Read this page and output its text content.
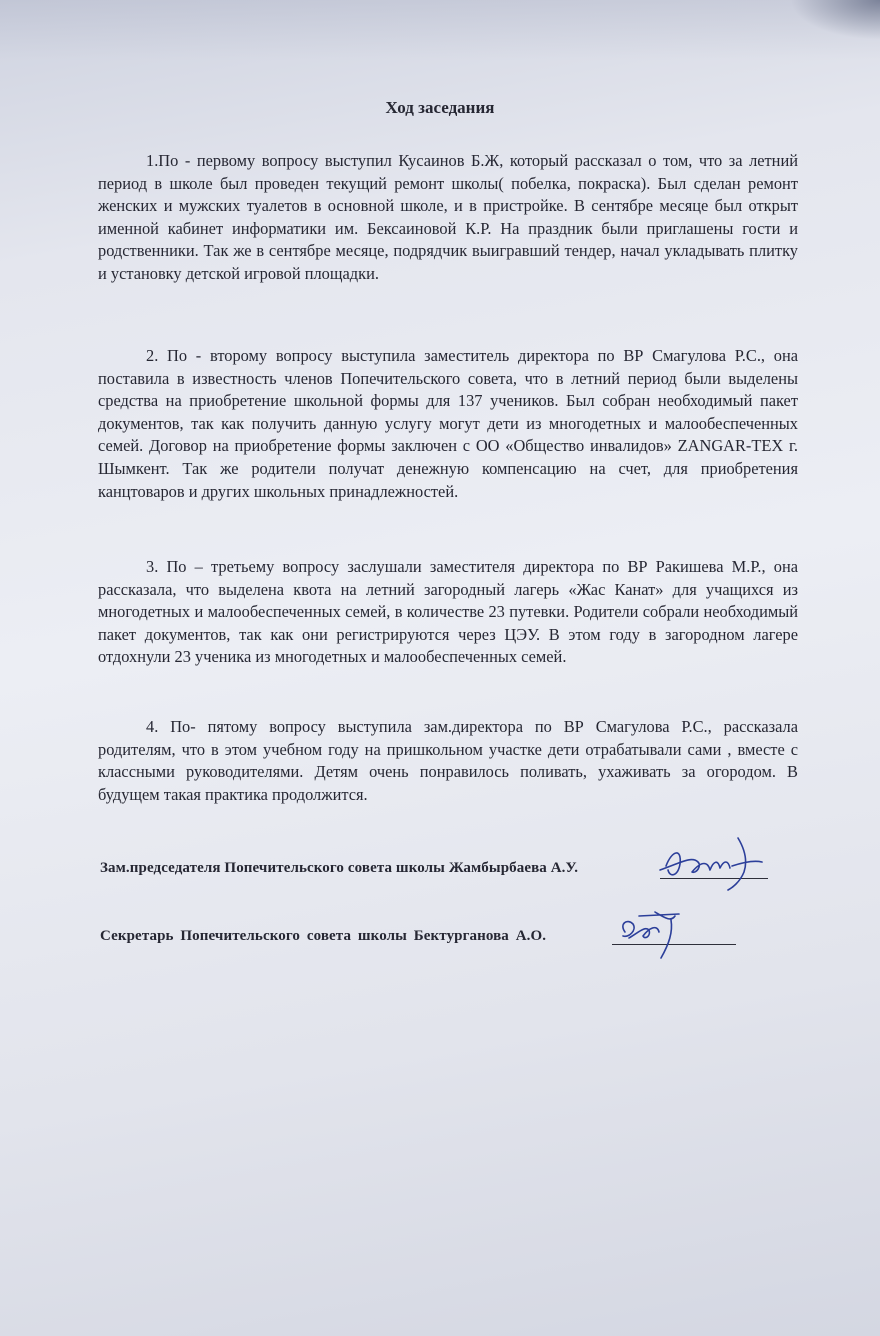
Ход заседания

1.По - первому вопросу выступил Кусаинов Б.Ж, который рассказал о том, что за летний период в школе был проведен текущий ремонт школы( побелка, покраска). Был сделан ремонт женских и мужских туалетов в основной школе, и в пристройке. В сентябре месяце был открыт именной кабинет информатики им. Бексаиновой К.Р. На праздник были приглашены гости и родственники. Так же в сентябре месяце, подрядчик выигравший тендер, начал укладывать плитку и установку детской игровой площадки.

2. По - второму вопросу выступила заместитель директора по ВР Смагулова Р.С., она поставила в известность членов Попечительского совета, что в летний период были выделены средства на приобретение школьной формы для 137 учеников. Был собран необходимый пакет документов, так как получить данную услугу могут дети из многодетных и малообеспеченных семей. Договор на приобретение формы заключен с ОО «Общество инвалидов» ZANGAR-TEX г. Шымкент. Так же родители получат денежную компенсацию на счет, для приобретения канцтоваров и других школьных принадлежностей.

3. По – третьему вопросу заслушали заместителя директора по ВР Ракишева М.Р., она рассказала, что выделена квота на летний загородный лагерь «Жас Канат» для учащихся из многодетных и малообеспеченных семей, в количестве 23 путевки. Родители собрали необходимый пакет документов, так как они регистрируются через ЦЭУ. В этом году в загородном лагере отдохнули 23 ученика из многодетных и малообеспеченных семей.

4. По- пятому вопросу выступила зам.директора по ВР Смагулова Р.С., рассказала родителям, что в этом учебном году на пришкольном участке дети отрабатывали сами , вместе с классными руководителями. Детям очень понравилось поливать, ухаживать за огородом. В будущем такая практика продолжится.

Зам.председателя Попечительского совета школы Жамбырбаева А.У.
Секретарь Попечительского совета школы Бектурганова А.О.
